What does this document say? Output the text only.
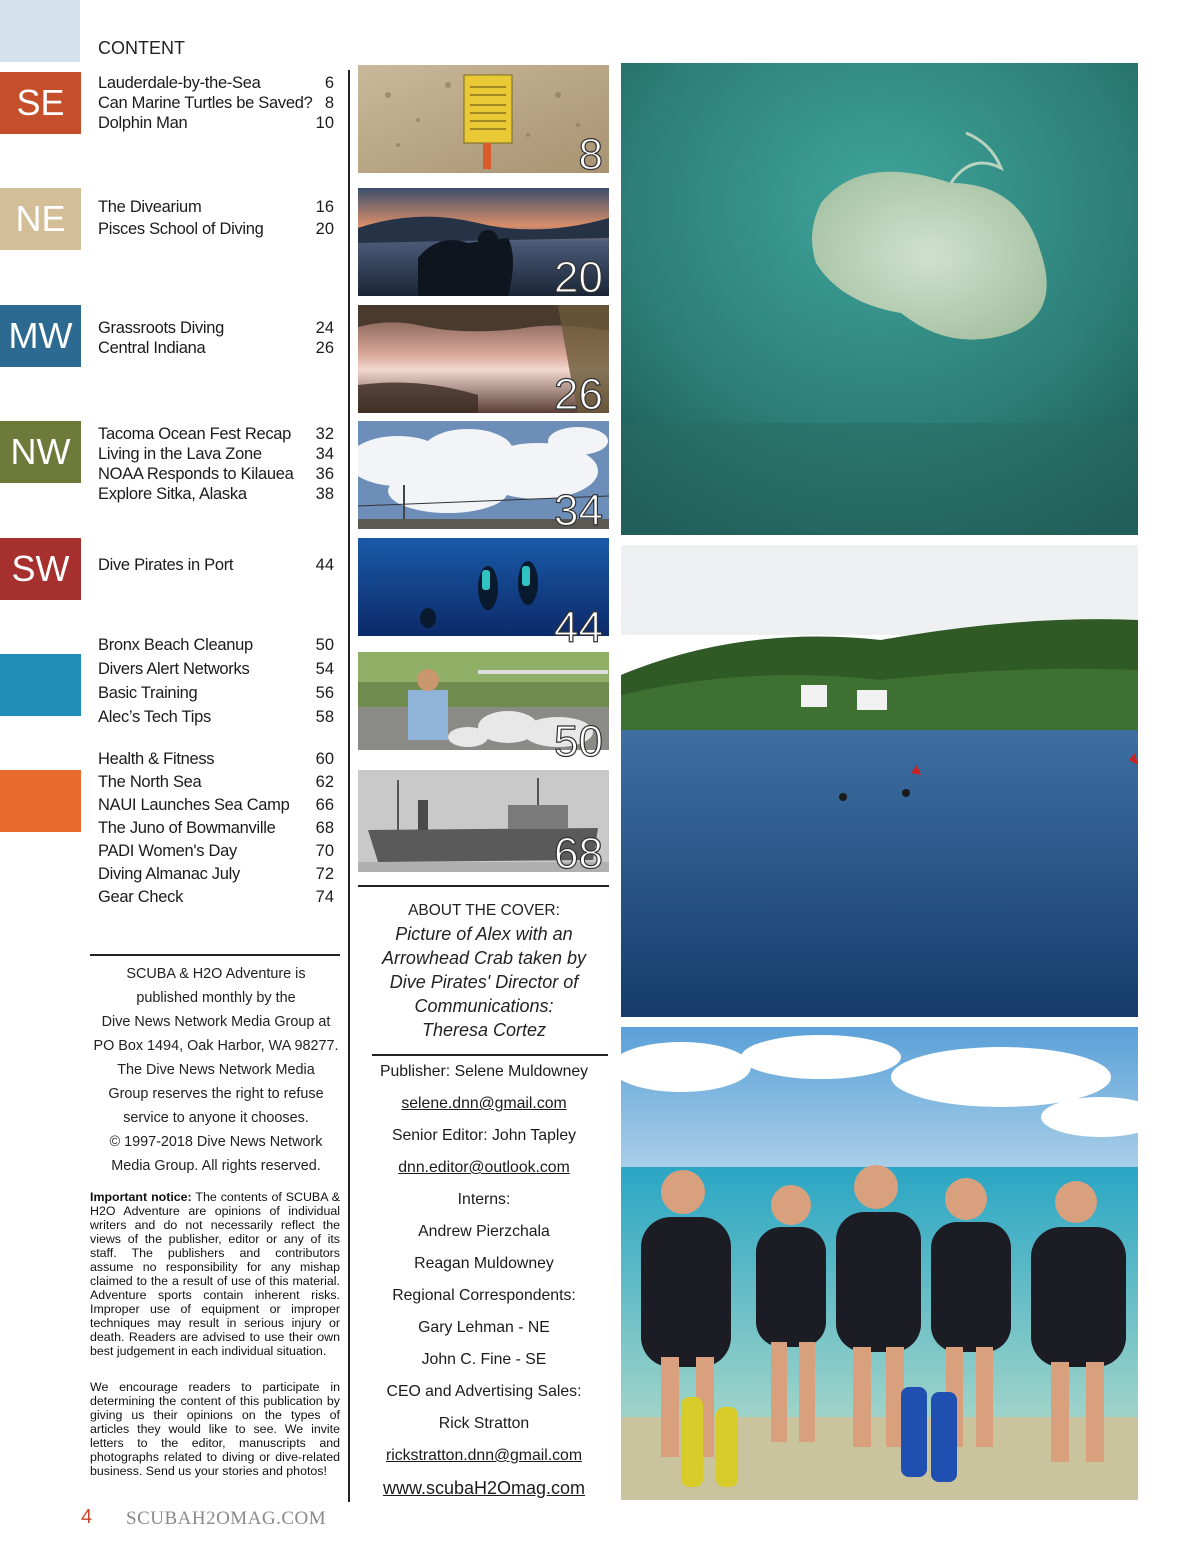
CONTENT
SE
NE
MW
NW
SW
Lauderdale-by-the-Sea	6
Can Marine Turtles be Saved? 8
Dolphin Man	10
The Divearium	16
Pisces School of Diving	20
Grassroots Diving	24
Central Indiana	26
Tacoma Ocean Fest Recap	32
Living in the Lava Zone	34
NOAA Responds to Kilauea	36
Explore Sitka, Alaska	38
Dive Pirates in Port	44
Bronx Beach Cleanup	50
Divers Alert Networks	54
Basic Training	56
Alec’s Tech Tips	58
Health & Fitness	60
The North Sea	62
NAUI Launches Sea Camp	66
The Juno of Bowmanville	68
PADI Women's Day	70
Diving Almanac July	72
Gear Check	74
8
20
26
34
44
50
68
SCUBA & H2O Adventure is
published monthly by the
Dive News Network Media Group at
PO Box 1494, Oak Harbor, WA 98277.
The Dive News Network Media
Group reserves the right to refuse
service to anyone it chooses.
© 1997-2018 Dive News Network
Media Group. All rights reserved.
Important notice: The contents of SCUBA & H2O Adventure are opinions of individual writers and do not necessarily reflect the views of the publisher, editor or any of its staff. The publishers and contributors assume no responsibility for any mishap claimed to the a result of use of this material. Adventure sports contain inherent risks. Improper use of equipment or improper techniques may result in serious injury or death. Readers are advised to use their own best judgement in each individual situation.
We encourage readers to participate in determining the content of this publication by giving us their opinions on the types of articles they would like to see. We invite letters to the editor, manuscripts and photographs related to diving or dive-related business. Send us your stories and photos!
ABOUT THE COVER:
Picture of Alex with an
Arrowhead Crab taken by
Dive Pirates' Director of
Communications:
Theresa Cortez
Publisher: Selene Muldowney
selene.dnn@gmail.com
Senior Editor: John Tapley
dnn.editor@outlook.com
Interns:
Andrew Pierzchala
Reagan Muldowney
Regional Correspondents:
Gary Lehman - NE
John C. Fine - SE
CEO and Advertising Sales:
Rick Stratton
rickstratton.dnn@gmail.com
www.scubaH2Omag.com
4 SCUBAH2OMAG.COM
